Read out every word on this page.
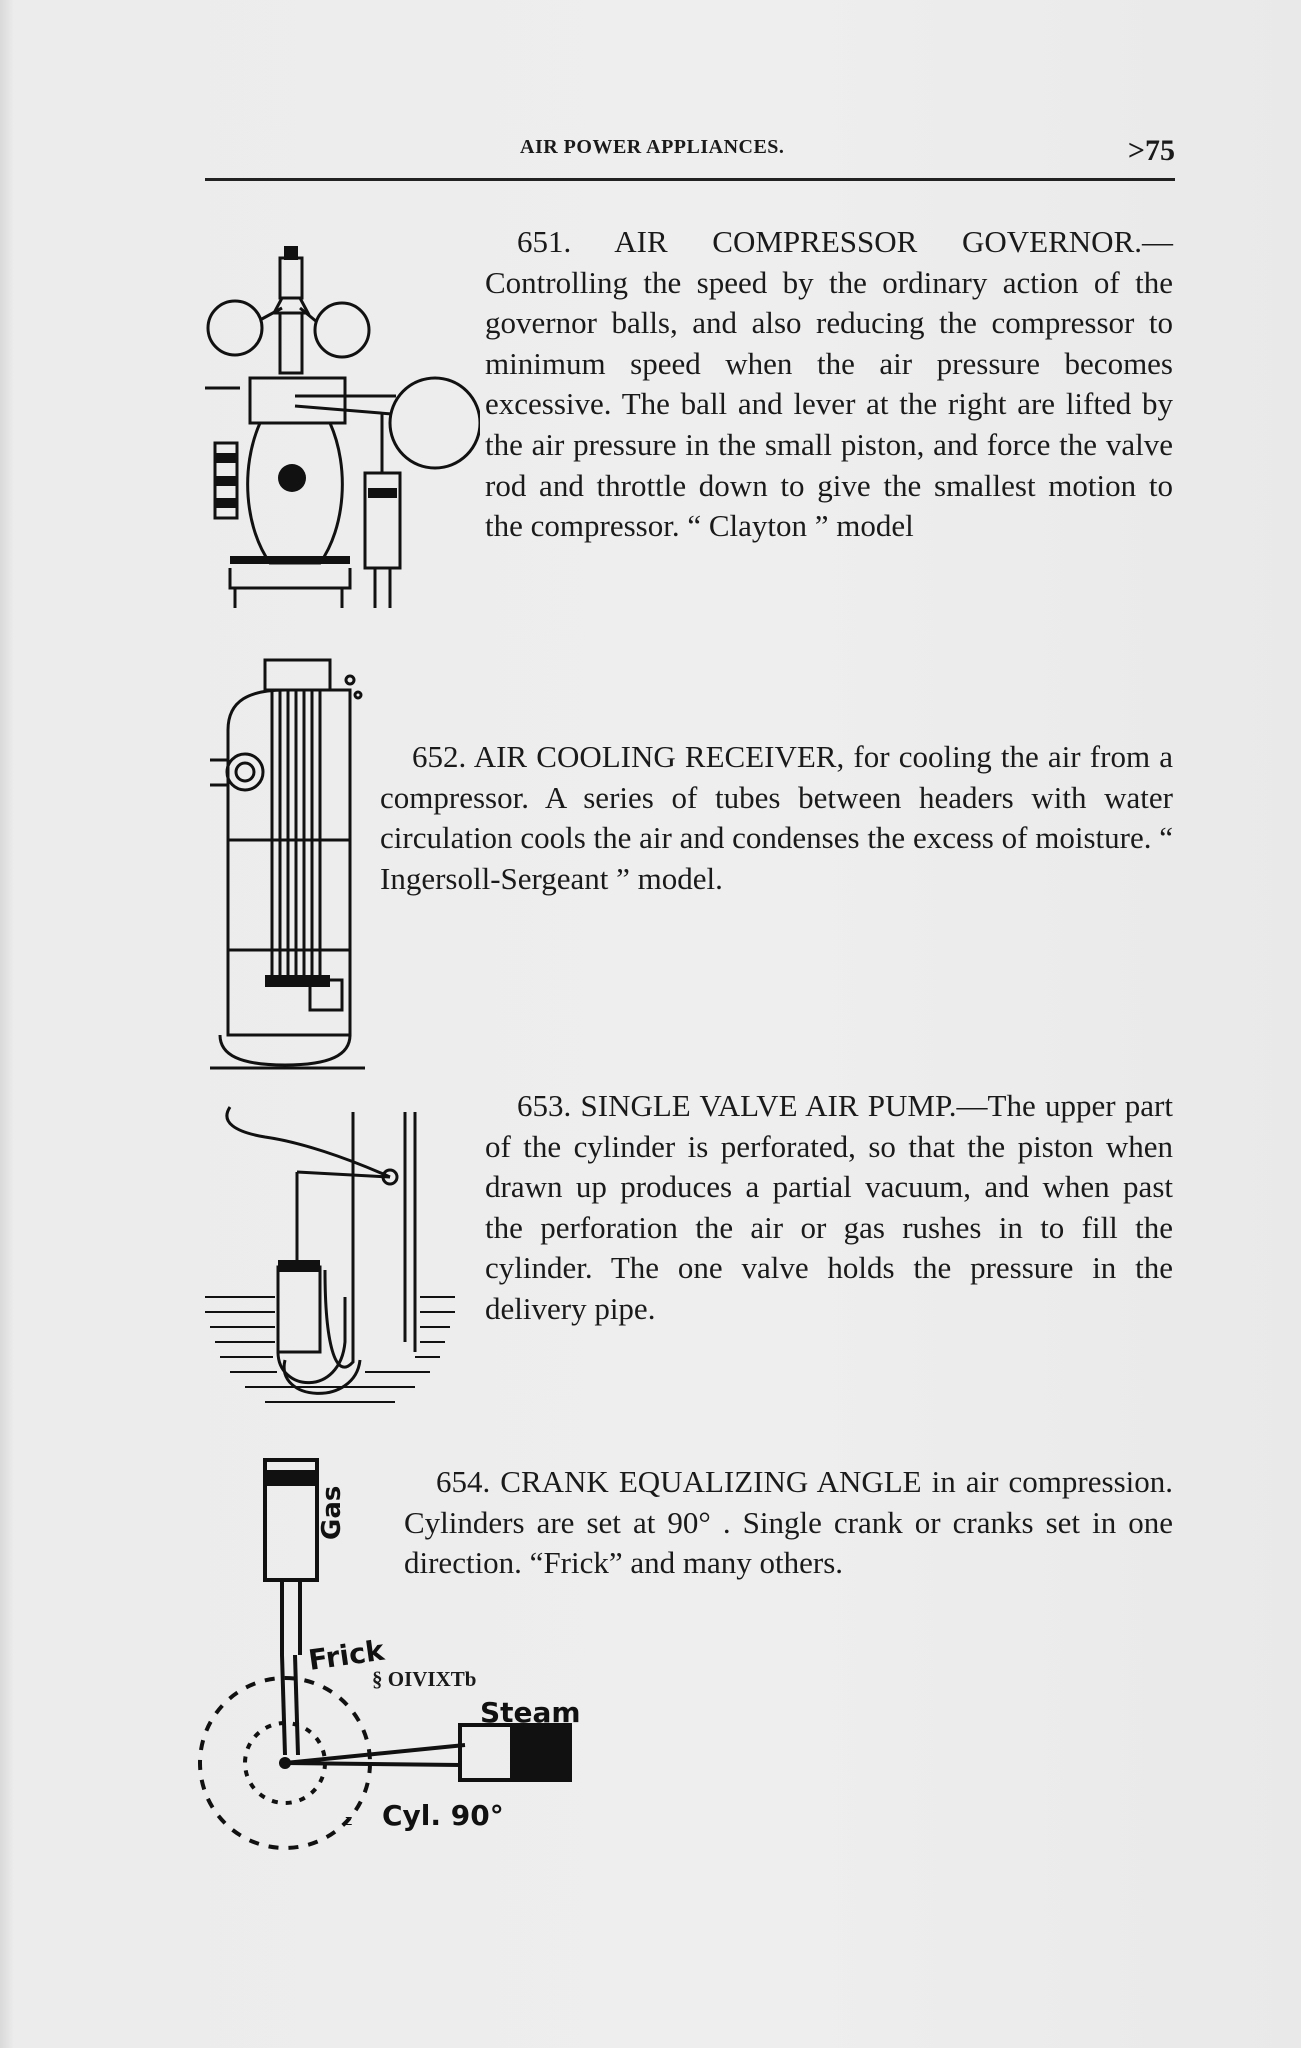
AIR POWER APPLIANCES.	>75

651. AIR COMPRESSOR GOVERNOR.—Controlling the speed by the ordinary action of the governor balls, and also reducing the compressor to minimum speed when the air pressure becomes excessive. The ball and lever at the right are lifted by the air pressure in the small piston, and force the valve rod and throttle down to give the smallest motion to the compressor. “ Clayton ” model

652. AIR COOLING RECEIVER, for cooling the air from a compressor. A series of tubes between headers with water circulation cools the air and condenses the excess of moisture. “ Ingersoll-Sergeant ” model.

653. SINGLE VALVE AIR PUMP.—The upper part of the cylinder is perforated, so that the piston when drawn up produces a partial vacuum, and when past the perforation the air or gas rushes in to fill the cylinder. The one valve holds the pressure in the delivery pipe.

Gas
Frick
Steam
Cyl. 90°
z
§ OIVIXTb

654. CRANK EQUALIZING ANGLE in air compression. Cylinders are set at 90° . Single crank or cranks set in one direction. “Frick” and many others.
